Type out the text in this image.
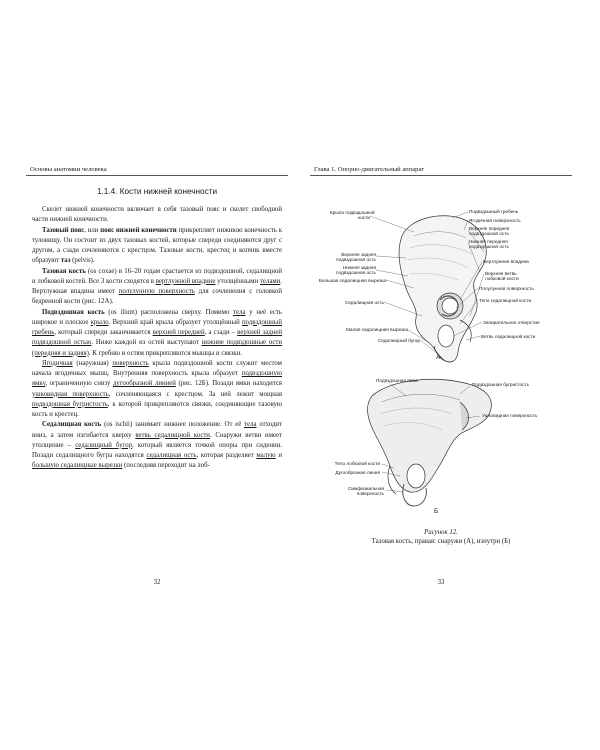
Основы анатомии человека
1.1.4. Кости нижней конечности

Скелет нижней конечности включает в себя тазовый пояс и скелет свободной части нижней конечности.

Тазовый пояс, или пояс нижней конечности прикрепляет нижнюю конечность к туловищу. Он состоит из двух тазовых костей, которые спереди соединяются друг с другом, а сзади сочленяются с крестцом. Тазовые кости, крестец и копчик вместе образуют таз (pelvis).

Тазовая кость (os coxae) в 16–20 годам срастается из подвздошной, седалищной и лобковой костей. Все 3 кости сходятся в вертлужной впадине утолщёнными телами. Вертлужная впадина имеет полулунную поверхность для сочленения с головкой бедренной кости (рис. 12А).

Подвздошная кость (os ilium) расположена сверху. Помимо тела у неё есть широкое и плоское крыло. Верхний край крыла образует утолщённый подвздошный гребень, который спереди заканчивается верхней передней, а сзади – верхней задней подвздошной остью. Ниже каждой из остей выступают нижние подвздошные ости (передняя и задняя). К гребню и остям прикрепляются мышцы и связки.

Ягодичная (наружная) поверхность крыла подвздошной кости служит местом начала ягодичных мышц. Внутренняя поверхность крыла образует подвздошную ямку, ограниченную снизу дугообразной линией (рис. 12Б). Позади ямки находится ушковидная поверхность, сочленяющаяся с крестцом. За ней лежит мощная подвздошная бугристость, к которой прикрепляются связки, соединяющие тазовую кость и крестец.

Седалищная кость (os ischii) занимает нижнее положение. От её тела отходит вниз, а затем изгибается кверху ветвь седалищной кости. Снаружи ветви имеет утолщение – седалищный бугор, который является точкой опоры при сидении. Позади седалищного бугра находятся седалищная ость, которая разделяет малую и большую седалищные вырезки (последняя переходит на лоб-

32
Глава 1. Опорно-двигательный аппарат
Крыло подвздошной
кости
Верхняя задняя
подвздошная ость
Нижняя задняя
подвздошная ость
Большая седалищная вырезка
Седалищная ость
Малая седалищная вырезка
Седалищный бугор
Подвздошный гребень
Ягодичная поверхность
Верхняя передняя
подвздошная ость
Нижняя передняя
подвздошная ость
Вертлужная впадина
Верхняя ветвь
лобковой кости
Полулунная поверхность
Тело седалищной кости
Запирательное отверстие
Ветвь седалищной кости
А
Подвздошная ямка
Подвздошная бугристость
Ушковидная поверхность
Тело лобковой кости
Дугообразная линия
Симфизиальная
поверхность
Б
Рисунок 12.
Тазовая кость, правая: снаружи (А), изнутри (Б)
33
